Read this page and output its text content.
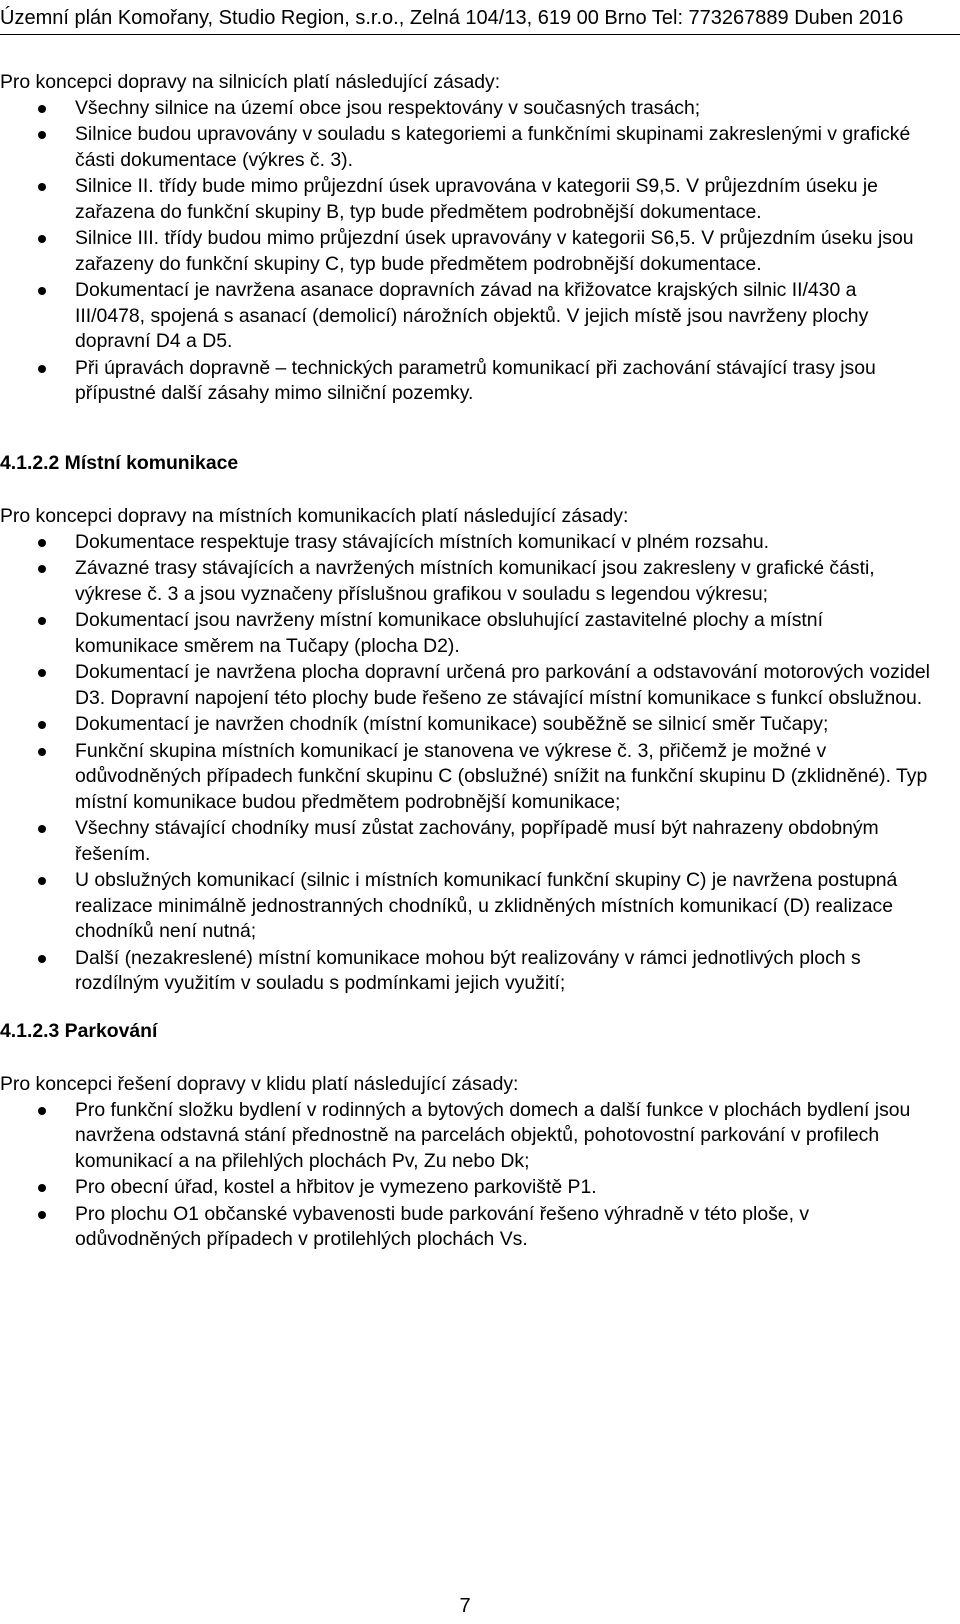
Územní plán Komořany, Studio Region, s.r.o., Zelná 104/13, 619 00 Brno Tel: 773267889 Duben 2016

Pro koncepci dopravy na silnicích platí následující zásady:

Všechny silnice na území obce jsou respektovány v současných trasách;
Silnice budou upravovány v souladu s kategoriemi a funkčními skupinami zakreslenými v grafické části dokumentace (výkres č. 3).
Silnice II. třídy bude mimo průjezdní úsek upravována v kategorii S9,5. V průjezdním úseku je zařazena do funkční skupiny B, typ bude předmětem podrobnější dokumentace.
Silnice III. třídy budou mimo průjezdní úsek upravovány v kategorii S6,5. V průjezdním úseku jsou zařazeny do funkční skupiny C, typ bude předmětem podrobnější dokumentace.
Dokumentací je navržena asanace dopravních závad na křižovatce krajských silnic II/430 a III/0478, spojená s asanací (demolicí) nárožních objektů. V jejich místě jsou navrženy plochy dopravní D4 a D5.
Při úpravách dopravně – technických parametrů komunikací při zachování stávající trasy jsou přípustné další zásahy mimo silniční pozemky.
4.1.2.2 Místní komunikace

Pro koncepci dopravy na místních komunikacích platí následující zásady:

Dokumentace respektuje trasy stávajících místních komunikací v plném rozsahu.
Závazné trasy stávajících a navržených místních komunikací jsou zakresleny v grafické části, výkrese č. 3 a jsou vyznačeny příslušnou grafikou v souladu s legendou výkresu;
Dokumentací jsou navrženy místní komunikace obsluhující zastavitelné plochy a místní komunikace směrem na Tučapy (plocha D2).
Dokumentací je navržena plocha dopravní určená pro parkování a odstavování motorových vozidel D3. Dopravní napojení této plochy bude řešeno ze stávající místní komunikace s funkcí obslužnou.
Dokumentací je navržen chodník (místní komunikace) souběžně se silnicí směr Tučapy;
Funkční skupina místních komunikací je stanovena ve výkrese č. 3, přičemž je možné v odůvodněných případech funkční skupinu C (obslužné) snížit na funkční skupinu D (zklidněné). Typ místní komunikace budou předmětem podrobnější komunikace;
Všechny stávající chodníky musí zůstat zachovány, popřípadě musí být nahrazeny obdobným řešením.
U obslužných komunikací (silnic i místních komunikací funkční skupiny C) je navržena postupná realizace minimálně jednostranných chodníků, u zklidněných místních komunikací (D) realizace chodníků není nutná;
Další (nezakreslené) místní komunikace mohou být realizovány v rámci jednotlivých ploch s rozdílným využitím v souladu s podmínkami jejich využití;
4.1.2.3 Parkování

Pro koncepci řešení dopravy v klidu platí následující zásady:

Pro funkční složku bydlení v rodinných a bytových domech a další funkce v plochách bydlení jsou navržena odstavná stání přednostně na parcelách objektů, pohotovostní parkování v profilech komunikací a na přilehlých plochách Pv, Zu nebo Dk;
Pro obecní úřad, kostel a hřbitov je vymezeno parkoviště P1.
Pro plochu O1 občanské vybavenosti bude parkování řešeno výhradně v této ploše, v odůvodněných případech v protilehlých plochách Vs.
7
